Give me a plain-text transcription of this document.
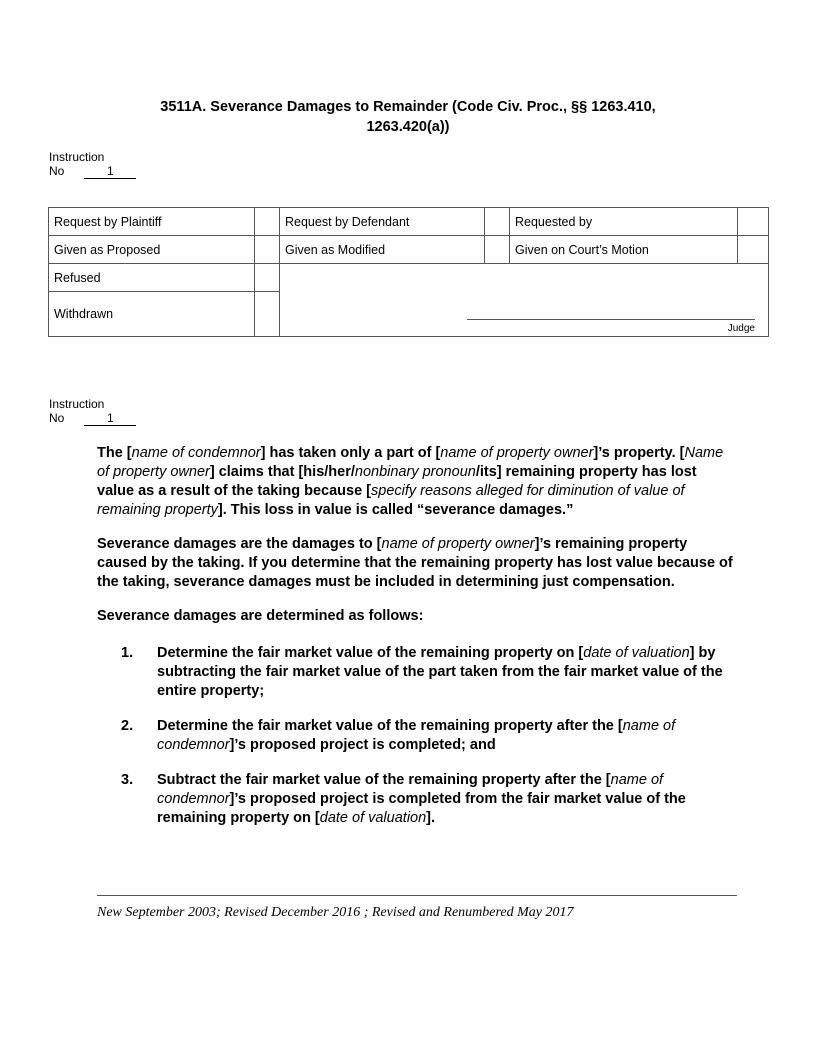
3511A. Severance Damages to Remainder (Code Civ. Proc., §§ 1263.410,
1263.420(a))
Instruction
No	1
Request by Plaintiff		Request by Defendant		Requested by	
Given as Proposed		Given as Modified		Given on Court’s Motion	
Refused		Judge			

Withdrawn					
Instruction
No	1

The [name of condemnor] has taken only a part of [name of property owner]’s property. [Name of property owner] claims that [his/her/nonbinary pronoun/its] remaining property has lost value as a result of the taking because [specify reasons alleged for diminution of value of remaining property]. This loss in value is called “severance damages.”

Severance damages are the damages to [name of property owner]’s remaining property caused by the taking. If you determine that the remaining property has lost value because of the taking, severance damages must be included in determining just compensation.

Severance damages are determined as follows:

1. Determine the fair market value of the remaining property on [date of valuation] by subtracting the fair market value of the part taken from the fair market value of the entire property;
2. Determine the fair market value of the remaining property after the [name of condemnor]’s proposed project is completed; and
3. Subtract the fair market value of the remaining property after the [name of condemnor]’s proposed project is completed from the fair market value of the remaining property on [date of valuation].
New September 2003; Revised December 2016 ; Revised and Renumbered May 2017
